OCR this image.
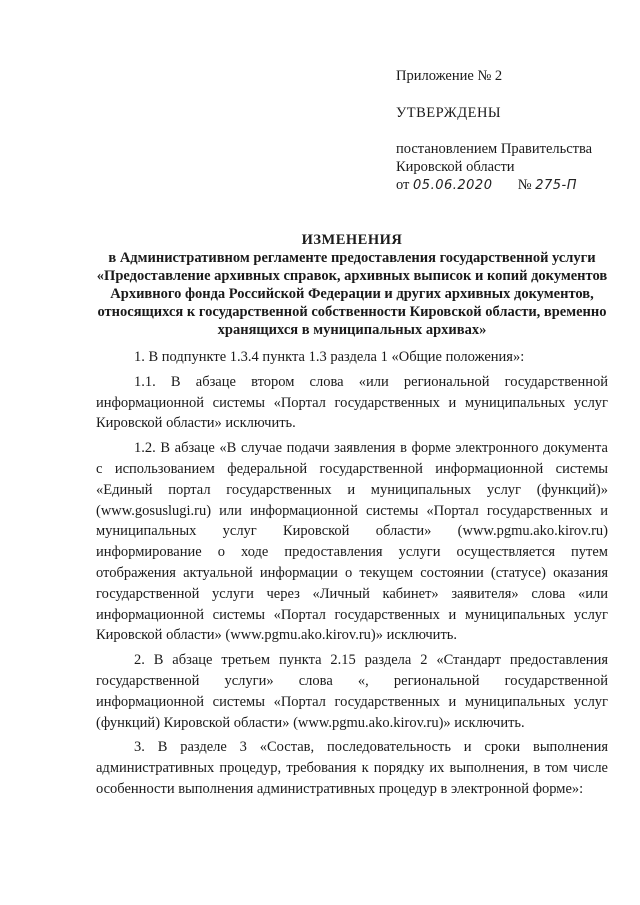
Приложение № 2
УТВЕРЖДЕНЫ
постановлением Правительства
Кировской области
от 05.06.2020 № 275-П
ИЗМЕНЕНИЯ
в Административном регламенте предоставления государственной услуги «Предоставление архивных справок, архивных выписок и копий документов Архивного фонда Российской Федерации и других архивных документов, относящихся к государственной собственности Кировской области, временно хранящихся в муниципальных архивах»

1. В подпункте 1.3.4 пункта 1.3 раздела 1 «Общие положения»:

1.1. В абзаце втором слова «или региональной государственной информационной системы «Портал государственных и муниципальных услуг Кировской области» исключить.

1.2. В абзаце «В случае подачи заявления в форме электронного документа с использованием федеральной государственной информационной системы «Единый портал государственных и муниципальных услуг (функций)» (www.gosuslugi.ru) или информационной системы «Портал государственных и муниципальных услуг Кировской области» (www.pgmu.ako.kirov.ru) информирование о ходе предоставления услуги осуществляется путем отображения актуальной информации о текущем состоянии (статусе) оказания государственной услуги через «Личный кабинет» заявителя» слова «или информационной системы «Портал государственных и муниципальных услуг Кировской области» (www.pgmu.ako.kirov.ru)» исключить.

2. В абзаце третьем пункта 2.15 раздела 2 «Стандарт предоставления государственной услуги» слова «, региональной государственной информационной системы «Портал государственных и муниципальных услуг (функций) Кировской области» (www.pgmu.ako.kirov.ru)» исключить.

3. В разделе 3 «Состав, последовательность и сроки выполнения административных процедур, требования к порядку их выполнения, в том числе особенности выполнения административных процедур в электронной форме»:
